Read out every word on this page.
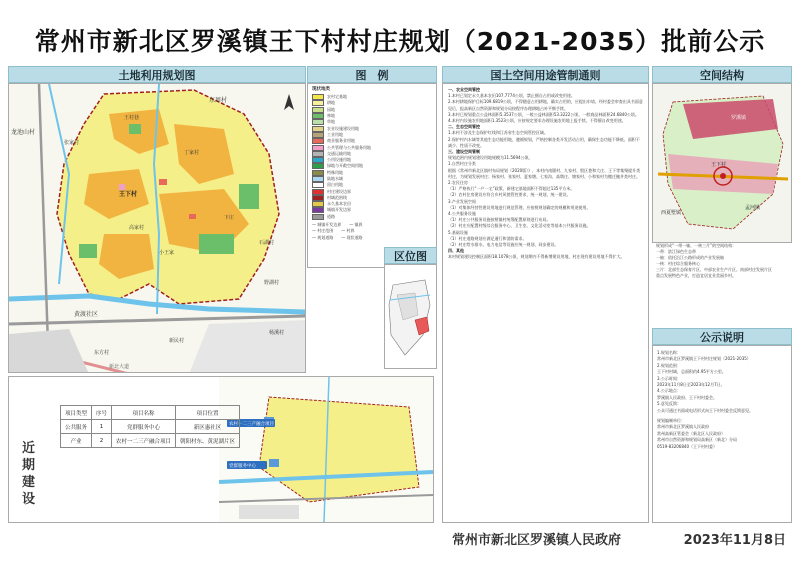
常州市新北区罗溪镇王下村村庄规划（2021-2035）批前公示
土地利用规划图
东周村
龙池山村
张家村
丁家村
王村巷
下庄
王下村
黄渡社区
小王家
高家村
石湖村
杨溪村
东方村
新民村
野湖村
新北大道
图　例
现状地类
农村宅基地
耕地
园地
林地
草地
农业设施建设用地
工业用地
商业服务业用地
公共管理与公共服务用地
交通运输用地
公用设施用地
绿地与开敞空间用地
特殊用地
陆地水域
留白用地
村庄建设边界
村域范围线
永久基本农田
城镇开发边界
道路
— 城镇开发边界　　— 镇界
— 村庄范围　　— 村界
— 规划道路　　— 现状道路
区位图
国土空间用途管制通则

一、农业空间管控

1.本村已划定永久基本农田107.7774公顷，禁止擅自占用或改变用途。

2.本村耕地保护目标109.6819公顷，不得随意占用耕地，确实占用的，应提出申请，经村委会审查出具书面意见后，报高新区自然资源和规划分局按程序办理耕地占补平衡手续。

3.本村已规划重点公益林面积5.3537公顷，一般公益林面积53.3222公顷，一般商品林面积24.6840公顷。

4.本村内设施农用地面积1.3523公顷，应按规定要求办理设施农用地上报手续，不得擅自改变用途。

二、生态空间管控

1.本村不涉及生态保护红线和江苏省生态空间管控区域。

2.保护村内水域等其他生态功能用地，遵循规划，严格控制各类开发活动占用，确保生态功能不降低、面积不减少、性质不改变。

三、建设空间管制

规划范围内规划建设用地规模为11.5694公顷。

1.自然村庄分类

根据《常州市新北区镇村布局规划（2020版）》，本村内南圆村、九家村、殷区巷和大庄、王下等集聚提升类村庄，为规划发展村庄；杨家村、张家村、夏家塘、七家沟、高墩庄、塘家村、小和家村为搬迁撤并类村庄。

2.农民住房

（1）严格执行“一户一宅”政策，新建宅基地面积不得超过135平方米。

（2）农村住房建设应符合乡村风貌管控要求，统一规划，统一建设。

3.产业发展空间

（1）对集体经营性建设用地进行规范管理，应按照规划确定的规模和用途使用。

4.公共服务设施

（1）村庄公共服务设施按照镇村统筹配置原则进行布局。

（2）村庄应配置村级综合服务中心、卫生室、文化活动室等基本公共服务设施。

5.基础设施

（1）村庄道路规划应满足通行和消防需求。

（2）村庄给水排水、电力电信等设施应统一规划、同步建设。

四、其他

本村规划建设控制区面积18.1078公顷，规划期内不得新增建设用地，村庄现有建设用地不得扩大。

空间结构
罗溪镇
王下村
孟河镇
西夏墅镇
规划形成“一带一轴、一核三片”的空间结构：
一带：滨江绿色生态带
一轴：依托沿江公路形成的产业发展轴
一核：村庄综合服务核心
三片：北部生态保育片区、中部农业生产片区、南部村庄发展片区
重点发展特色产业，打造宜居宜业美丽乡村。
公示说明
1.规划名称：
常州市新北区罗溪镇王下村村庄规划（2021-2035）
2.规划范围：
王下村村域，总面积约4.95平方公里。
3.公示时间：
2023年11月8日至2023年12月7日。
4.公示地点：
罗溪镇人民政府、王下村村委会。
5.意见反馈：
公众可通过书面或电话形式向王下村村委会反馈意见。
规划编制单位：
常州市新北区罗溪镇人民政府
常州高新区管委会（新北区人民政府）
常州市自然资源和规划局高新区（新北）分局
0519-83206840（王下村村委）
农村一二三产融合项目
党群服务中心
近期建设
项目类型	序号	项目名称	项目位置
公共服务	1	党群服务中心	新区惠社区
产业	2	农村一二三产融合项目	朝阳村东、黄泥湖片区
常州市新北区罗溪镇人民政府	2023年11月8日
